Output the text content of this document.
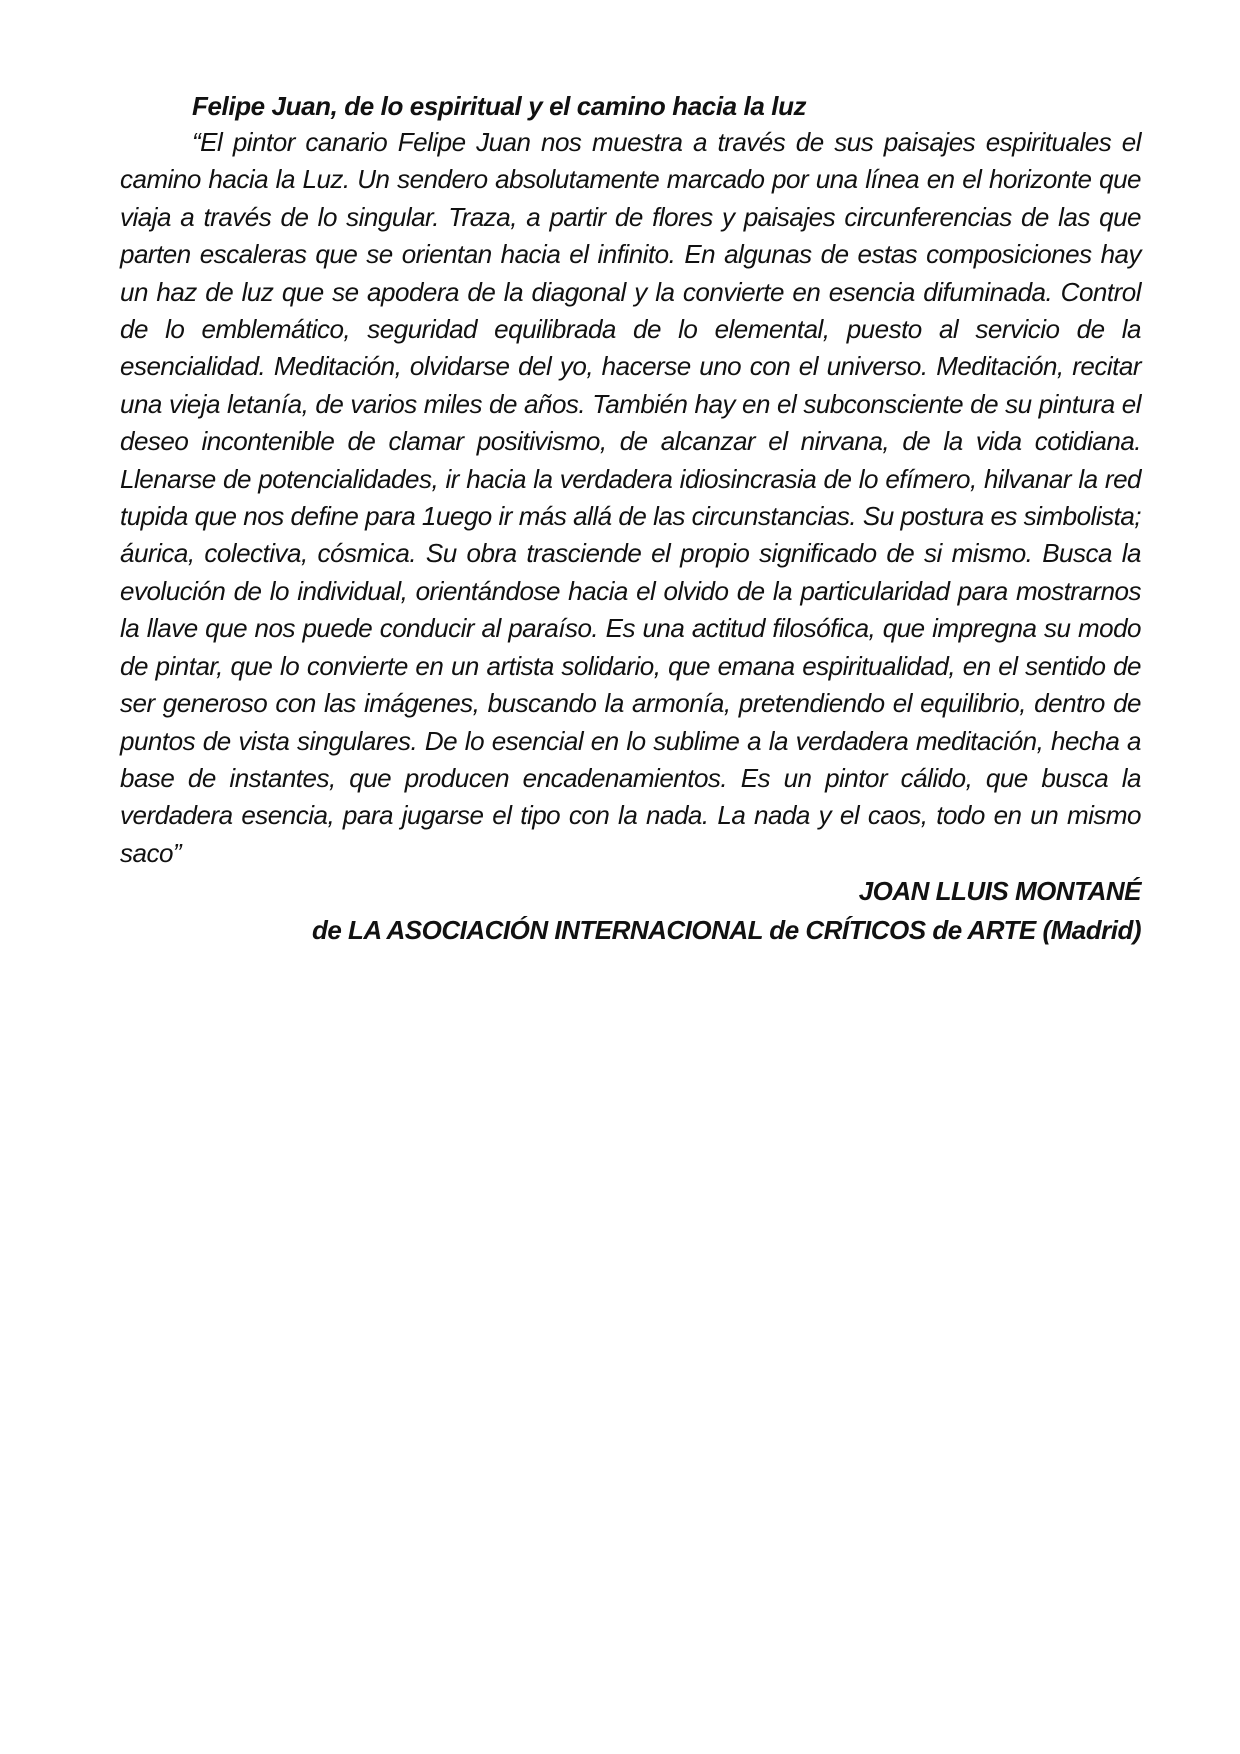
Felipe Juan, de lo espiritual y el camino hacia la luz

“El pintor canario Felipe Juan nos muestra a través de sus paisajes espirituales el camino hacia la Luz. Un sendero absolutamente marcado por una línea en el horizonte que viaja a través de lo singular. Traza, a partir de flores y paisajes circunferencias de las que parten escaleras que se orientan hacia el infinito. En algunas de estas composiciones hay un haz de luz que se apodera de la diagonal y la convierte en esencia difuminada. Control de lo emblemático, seguridad equilibrada de lo elemental, puesto al servicio de la esencialidad. Meditación, olvidarse del yo, hacerse uno con el universo. Meditación, recitar una vieja letanía, de varios miles de años. También hay en el subconsciente de su pintura el deseo incontenible de clamar positivismo, de alcanzar el nirvana, de la vida cotidiana. Llenarse de potencialidades, ir hacia la verdadera idiosincrasia de lo efímero, hilvanar la red tupida que nos define para 1uego ir más allá de las circunstancias. Su postura es simbolista; áurica, colectiva, cósmica. Su obra trasciende el propio significado de si mismo. Busca la evolución de lo individual, orientándose hacia el olvido de la particularidad para mostrarnos la llave que nos puede conducir al paraíso. Es una actitud filosófica, que impregna su modo de pintar, que lo convierte en un artista solidario, que emana espiritualidad, en el sentido de ser generoso con las imágenes, buscando la armonía, pretendiendo el equilibrio, dentro de puntos de vista singulares. De lo esencial en lo sublime a la verdadera meditación, hecha a base de instantes, que producen encadenamientos. Es un pintor cálido, que busca la verdadera esencia, para jugarse el tipo con la nada. La nada y el caos, todo en un mismo saco”

JOAN LLUIS MONTANÉ
de LA ASOCIACIÓN INTERNACIONAL de CRÍTICOS de ARTE (Madrid)
